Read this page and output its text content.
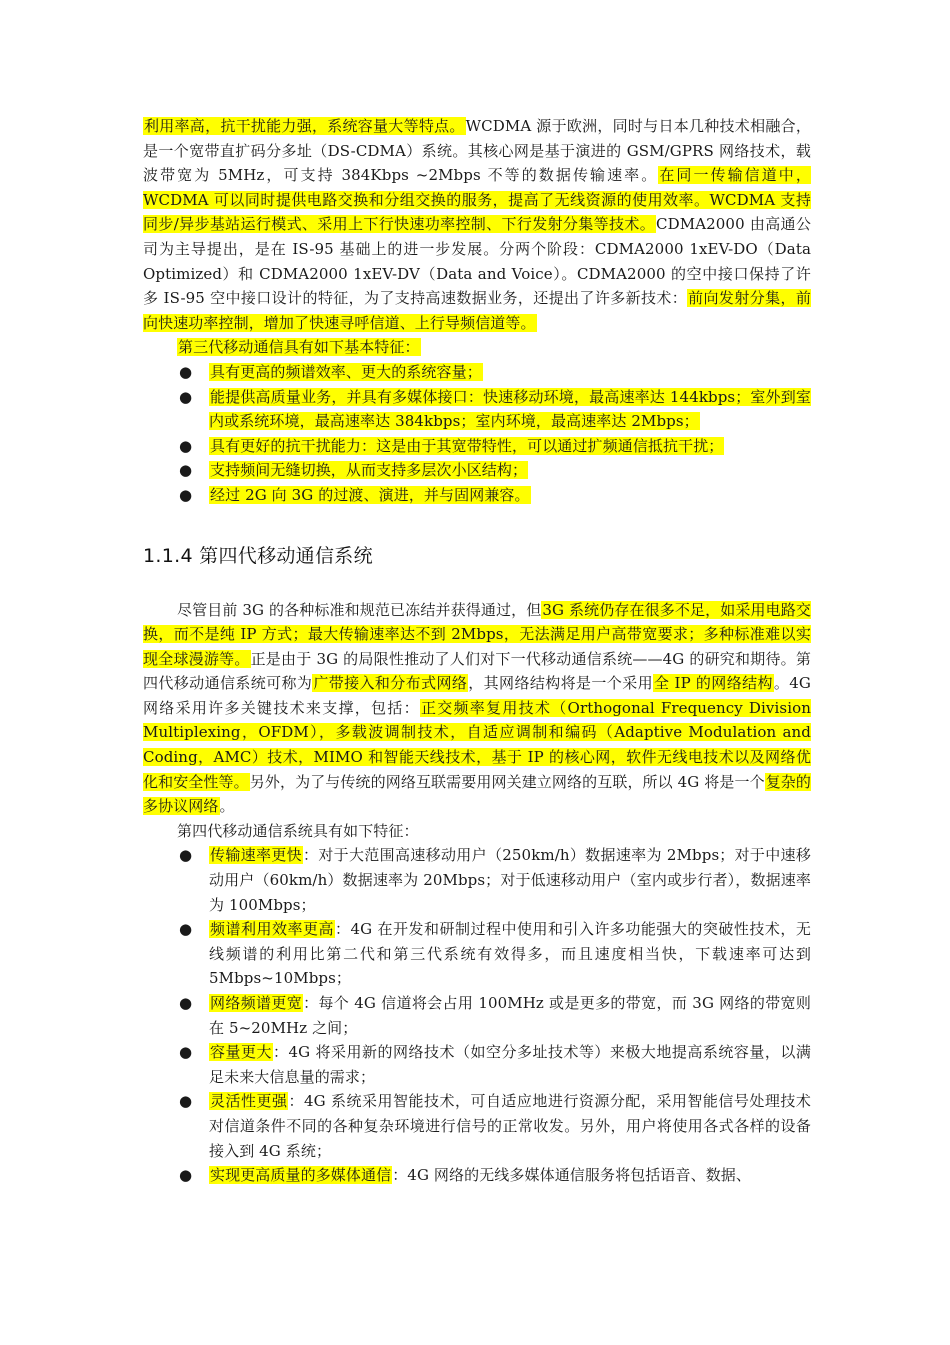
利用率高，抗干扰能力强，系统容量大等特点。WCDMA 源于欧洲，同时与日本几种技术相融合，是一个宽带直扩码分多址（DS-CDMA）系统。其核心网是基于演进的 GSM/GPRS 网络技术，载波带宽为 5MHz，可支持 384Kbps ~2Mbps 不等的数据传输速率。在同一传输信道中，WCDMA 可以同时提供电路交换和分组交换的服务，提高了无线资源的使用效率。WCDMA 支持同步/异步基站运行模式、采用上下行快速功率控制、下行发射分集等技术。CDMA2000 由高通公司为主导提出，是在 IS-95 基础上的进一步发展。分两个阶段：CDMA2000 1xEV-DO（Data Optimized）和 CDMA2000 1xEV-DV（Data and Voice）。CDMA2000 的空中接口保持了许多 IS-95 空中接口设计的特征，为了支持高速数据业务，还提出了许多新技术：前向发射分集，前向快速功率控制，增加了快速寻呼信道、上行导频信道等。

第三代移动通信具有如下基本特征：

● 具有更高的频谱效率、更大的系统容量；
● 能提供高质量业务，并具有多媒体接口：快速移动环境，最高速率达 144kbps；室外到室内或系统环境，最高速率达 384kbps；室内环境，最高速率达 2Mbps；
● 具有更好的抗干扰能力：这是由于其宽带特性，可以通过扩频通信抵抗干扰；
● 支持频间无缝切换，从而支持多层次小区结构；
● 经过 2G 向 3G 的过渡、演进，并与固网兼容。
1.1.4 第四代移动通信系统

尽管目前 3G 的各种标准和规范已冻结并获得通过，但3G 系统仍存在很多不足，如采用电路交换，而不是纯 IP 方式；最大传输速率达不到 2Mbps，无法满足用户高带宽要求；多种标准难以实现全球漫游等。正是由于 3G 的局限性推动了人们对下一代移动通信系统——4G 的研究和期待。第四代移动通信系统可称为广带接入和分布式网络，其网络结构将是一个采用全 IP 的网络结构。4G 网络采用许多关键技术来支撑，包括：正交频率复用技术（Orthogonal Frequency Division Multiplexing，OFDM），多载波调制技术，自适应调制和编码（Adaptive Modulation and Coding，AMC）技术，MIMO 和智能天线技术，基于 IP 的核心网，软件无线电技术以及网络优化和安全性等。另外，为了与传统的网络互联需要用网关建立网络的互联，所以 4G 将是一个复杂的多协议网络。

第四代移动通信系统具有如下特征：

● 传输速率更快：对于大范围高速移动用户（250km/h）数据速率为 2Mbps；对于中速移动用户（60km/h）数据速率为 20Mbps；对于低速移动用户（室内或步行者），数据速率为 100Mbps；
● 频谱利用效率更高：4G 在开发和研制过程中使用和引入许多功能强大的突破性技术，无线频谱的利用比第二代和第三代系统有效得多，而且速度相当快，下载速率可达到 5Mbps~10Mbps；
● 网络频谱更宽：每个 4G 信道将会占用 100MHz 或是更多的带宽，而 3G 网络的带宽则在 5~20MHz 之间；
● 容量更大：4G 将采用新的网络技术（如空分多址技术等）来极大地提高系统容量，以满足未来大信息量的需求；
● 灵活性更强：4G 系统采用智能技术，可自适应地进行资源分配，采用智能信号处理技术对信道条件不同的各种复杂环境进行信号的正常收发。另外，用户将使用各式各样的设备接入到 4G 系统；
● 实现更高质量的多媒体通信：4G 网络的无线多媒体通信服务将包括语音、数据、
